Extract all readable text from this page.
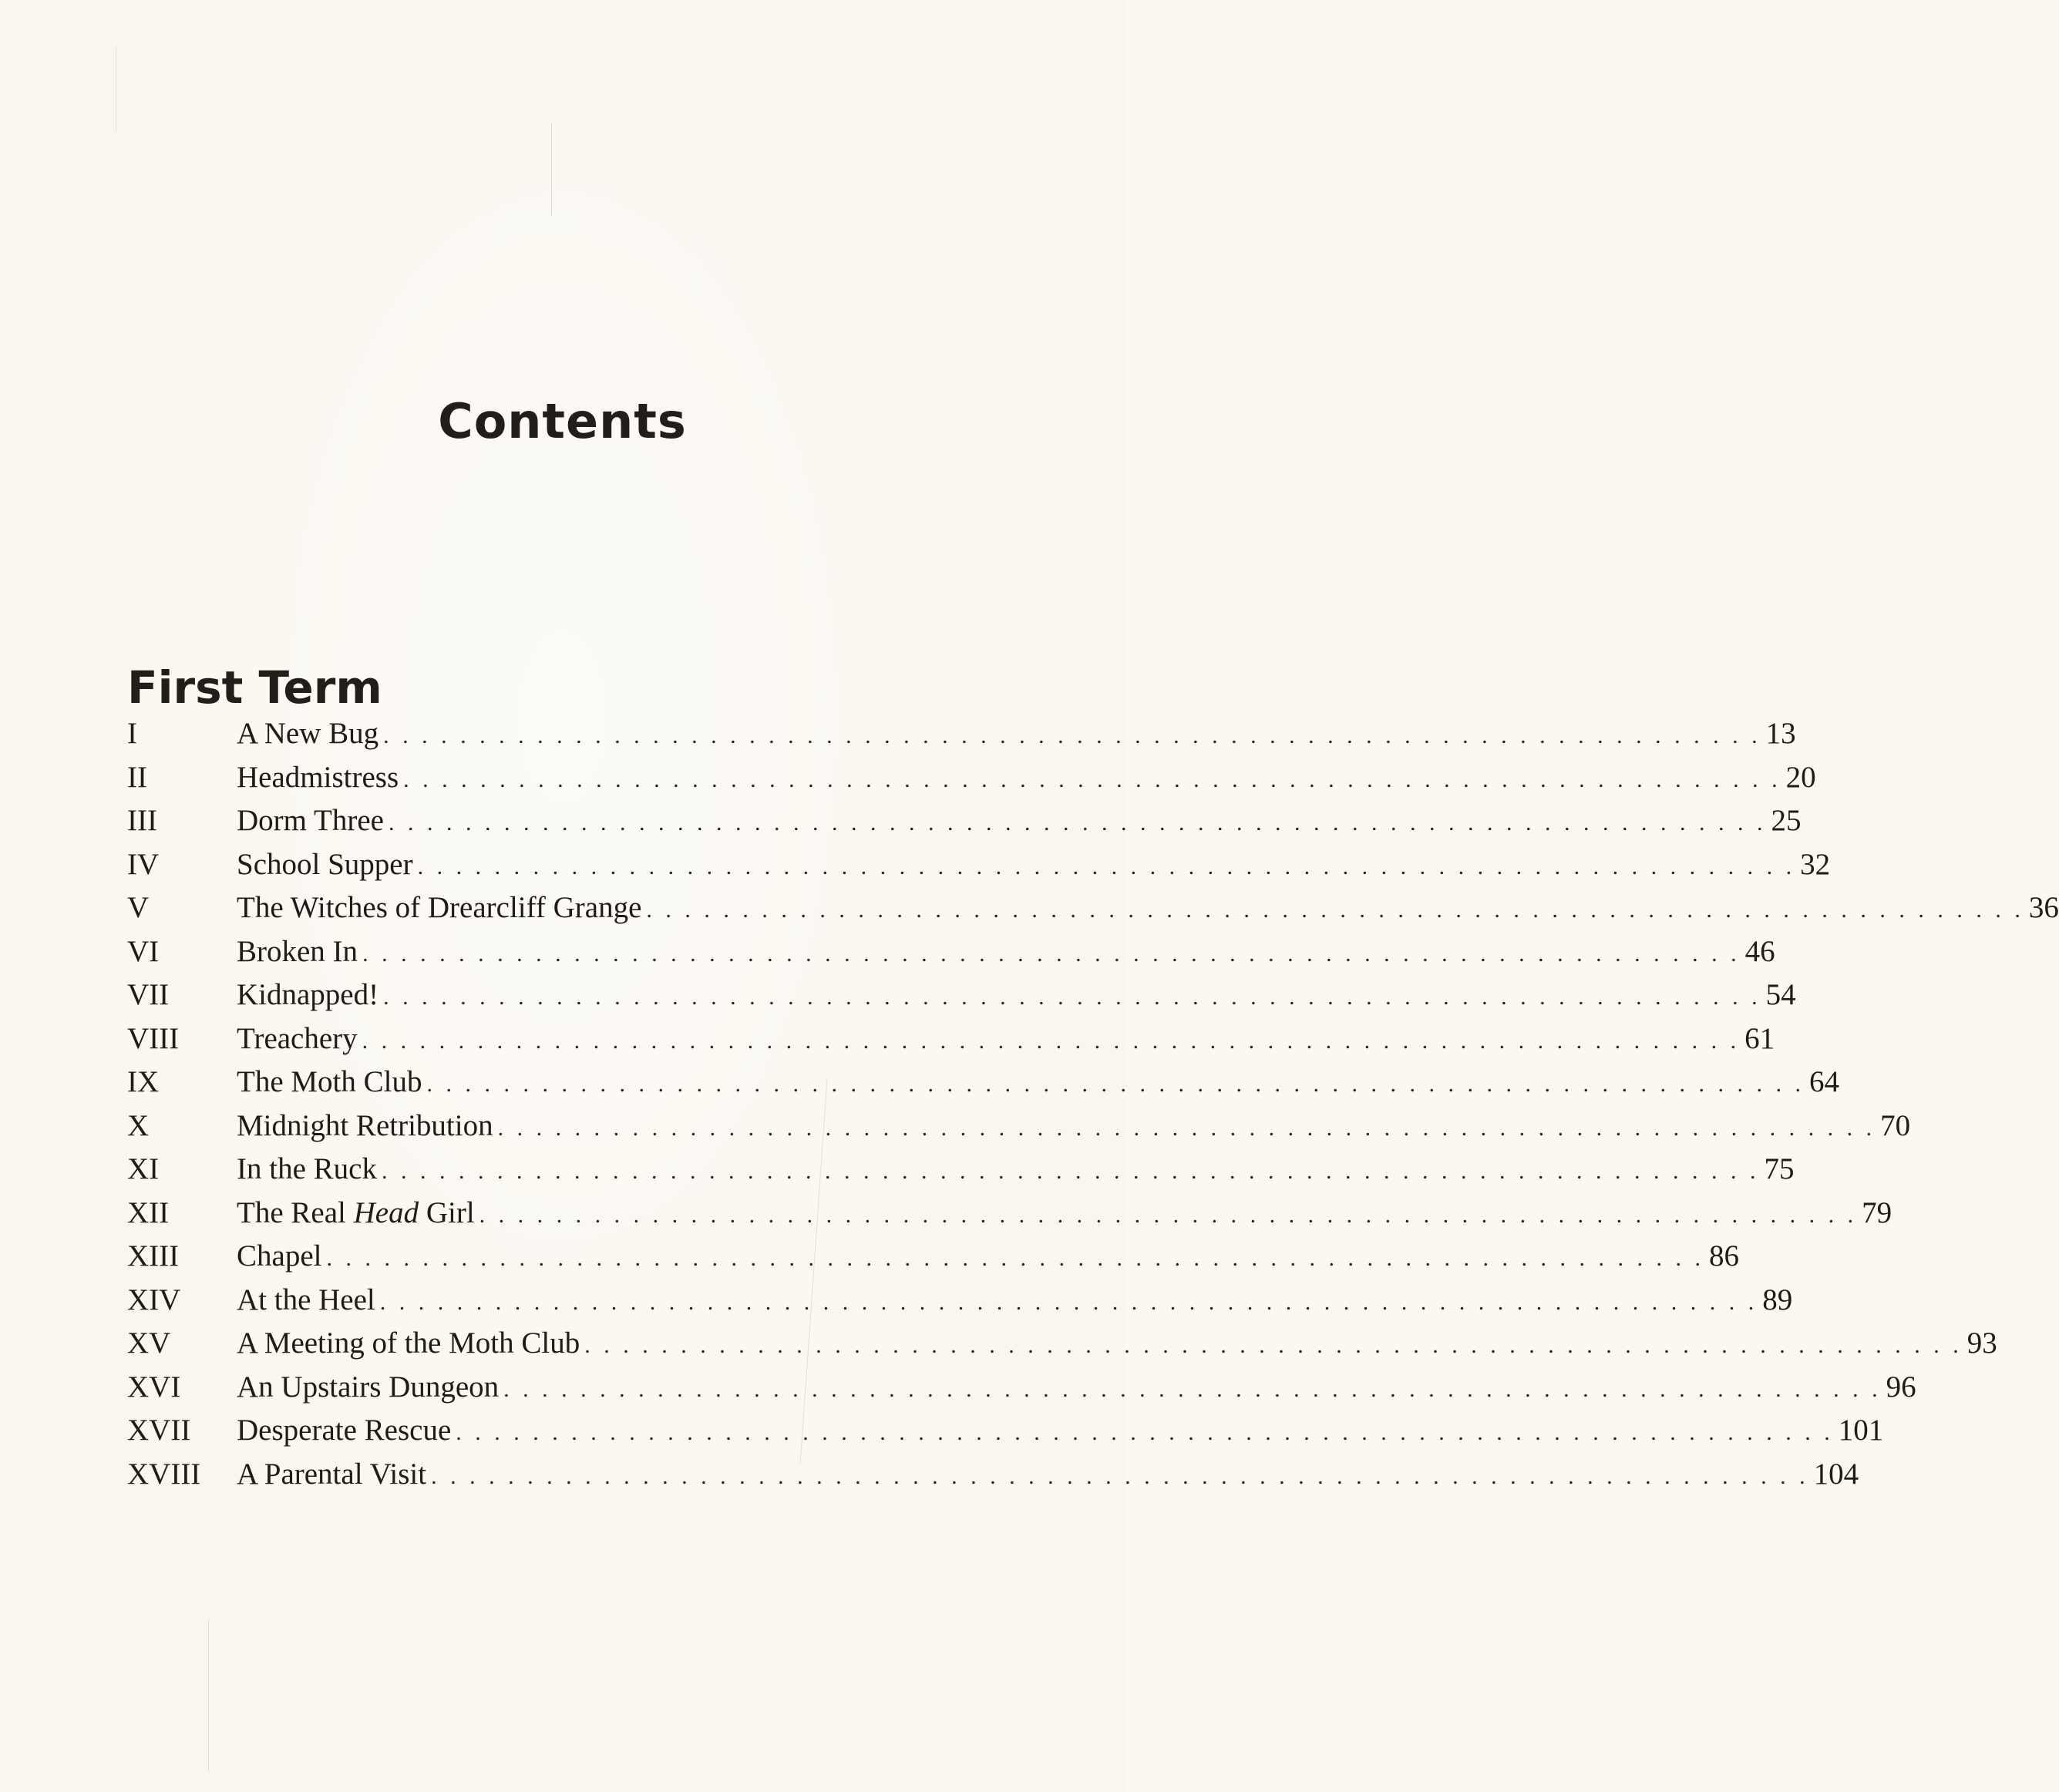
Contents
First Term
I	A New Bug . . . . . . . . . . . . . . . . . . . . . . . . . . . . . . . . . . . . . . . . . . . . . . . . . . . . . . . . . . . . . . . . . . . . . . . . 13
II	Headmistress . . . . . . . . . . . . . . . . . . . . . . . . . . . . . . . . . . . . . . . . . . . . . . . . . . . . . . . . . . . . . . . . . . . . . . . . 20
III	Dorm Three . . . . . . . . . . . . . . . . . . . . . . . . . . . . . . . . . . . . . . . . . . . . . . . . . . . . . . . . . . . . . . . . . . . . . . . . 25
IV	School Supper . . . . . . . . . . . . . . . . . . . . . . . . . . . . . . . . . . . . . . . . . . . . . . . . . . . . . . . . . . . . . . . . . . . . . . . . 32
V	The Witches of Drearcliff Grange . . . . . . . . . . . . . . . . . . . . . . . . . . . . . . . . . . . . . . . . . . . . . . . . . . . . . . . . . . . . . . . . . . . . . . . . 36
VI	Broken In . . . . . . . . . . . . . . . . . . . . . . . . . . . . . . . . . . . . . . . . . . . . . . . . . . . . . . . . . . . . . . . . . . . . . . . . 46
VII	Kidnapped! . . . . . . . . . . . . . . . . . . . . . . . . . . . . . . . . . . . . . . . . . . . . . . . . . . . . . . . . . . . . . . . . . . . . . . . . 54
VIII	Treachery . . . . . . . . . . . . . . . . . . . . . . . . . . . . . . . . . . . . . . . . . . . . . . . . . . . . . . . . . . . . . . . . . . . . . . . . 61
IX	The Moth Club . . . . . . . . . . . . . . . . . . . . . . . . . . . . . . . . . . . . . . . . . . . . . . . . . . . . . . . . . . . . . . . . . . . . . . . . 64
X	Midnight Retribution . . . . . . . . . . . . . . . . . . . . . . . . . . . . . . . . . . . . . . . . . . . . . . . . . . . . . . . . . . . . . . . . . . . . . . . . 70
XI	In the Ruck . . . . . . . . . . . . . . . . . . . . . . . . . . . . . . . . . . . . . . . . . . . . . . . . . . . . . . . . . . . . . . . . . . . . . . . . 75
XII	The Real Head Girl . . . . . . . . . . . . . . . . . . . . . . . . . . . . . . . . . . . . . . . . . . . . . . . . . . . . . . . . . . . . . . . . . . . . . . . . 79
XIII	Chapel . . . . . . . . . . . . . . . . . . . . . . . . . . . . . . . . . . . . . . . . . . . . . . . . . . . . . . . . . . . . . . . . . . . . . . . . 86
XIV	At the Heel . . . . . . . . . . . . . . . . . . . . . . . . . . . . . . . . . . . . . . . . . . . . . . . . . . . . . . . . . . . . . . . . . . . . . . . . 89
XV	A Meeting of the Moth Club . . . . . . . . . . . . . . . . . . . . . . . . . . . . . . . . . . . . . . . . . . . . . . . . . . . . . . . . . . . . . . . . . . . . . . . . 93
XVI	An Upstairs Dungeon . . . . . . . . . . . . . . . . . . . . . . . . . . . . . . . . . . . . . . . . . . . . . . . . . . . . . . . . . . . . . . . . . . . . . . . . 96
XVII	Desperate Rescue . . . . . . . . . . . . . . . . . . . . . . . . . . . . . . . . . . . . . . . . . . . . . . . . . . . . . . . . . . . . . . . . . . . . . . . . 101
XVIII	A Parental Visit . . . . . . . . . . . . . . . . . . . . . . . . . . . . . . . . . . . . . . . . . . . . . . . . . . . . . . . . . . . . . . . . . . . . . . . . 104
